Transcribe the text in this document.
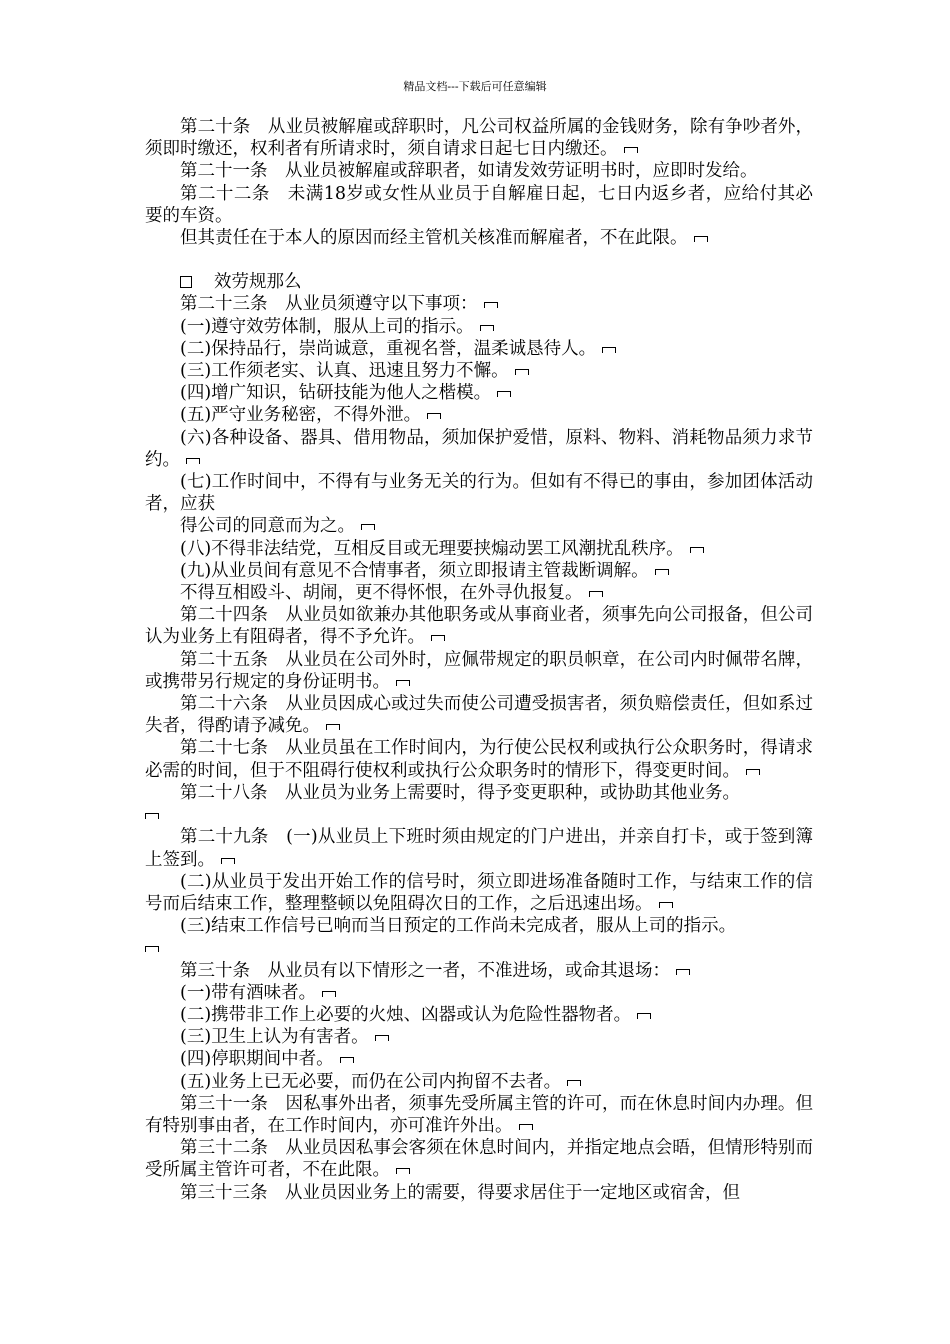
精品文档---下载后可任意编辑

第二十条　从业员被解雇或辞职时，凡公司权益所属的金钱财务，除有争吵者外，须即时缴还，权利者有所请求时，须自请求日起七日内缴还。

第二十一条　从业员被解雇或辞职者，如请发效劳证明书时，应即时发给。

第二十二条　未满18岁或女性从业员于自解雇日起，七日内返乡者，应给付其必要的车资。

但其责任在于本人的原因而经主管机关核准而解雇者，不在此限。

效劳规那么

第二十三条　从业员须遵守以下事项：

(一)遵守效劳体制，服从上司的指示。

(二)保持品行，崇尚诚意，重视名誉，温柔诚恳待人。

(三)工作须老实、认真、迅速且努力不懈。

(四)增广知识，钻研技能为他人之楷模。

(五)严守业务秘密，不得外泄。

(六)各种设备、器具、借用物品，须加保护爱惜，原料、物料、消耗物品须力求节约。

(七)工作时间中，不得有与业务无关的行为。但如有不得已的事由，参加团体活动者，应获

得公司的同意而为之。

(八)不得非法结党，互相反目或无理要挟煽动罢工风潮扰乱秩序。

(九)从业员间有意见不合情事者，须立即报请主管裁断调解。

不得互相殴斗、胡闹，更不得怀恨，在外寻仇报复。

第二十四条　从业员如欲兼办其他职务或从事商业者，须事先向公司报备，但公司认为业务上有阻碍者，得不予允许。

第二十五条　从业员在公司外时，应佩带规定的职员帜章，在公司内时佩带名牌，或携带另行规定的身份证明书。

第二十六条　从业员因成心或过失而使公司遭受损害者，须负赔偿责任，但如系过失者，得酌请予减免。

第二十七条　从业员虽在工作时间内，为行使公民权利或执行公众职务时，得请求必需的时间，但于不阻碍行使权利或执行公众职务时的情形下，得变更时间。

第二十八条　从业员为业务上需要时，得予变更职种，或协助其他业务。

第二十九条　(一)从业员上下班时须由规定的门户进出，并亲自打卡，或于签到簿上签到。

(二)从业员于发出开始工作的信号时，须立即进场准备随时工作，与结束工作的信号而后结束工作，整理整顿以免阻碍次日的工作，之后迅速出场。

(三)结束工作信号已响而当日预定的工作尚未完成者，服从上司的指示。

第三十条　从业员有以下情形之一者，不准进场，或命其退场：

(一)带有酒味者。

(二)携带非工作上必要的火烛、凶器或认为危险性器物者。

(三)卫生上认为有害者。

(四)停职期间中者。

(五)业务上已无必要，而仍在公司内拘留不去者。

第三十一条　因私事外出者，须事先受所属主管的许可，而在休息时间内办理。但有特别事由者，在工作时间内，亦可准许外出。

第三十二条　从业员因私事会客须在休息时间内，并指定地点会晤，但情形特别而受所属主管许可者，不在此限。

第三十三条　从业员因业务上的需要，得要求居住于一定地区或宿舍，但
